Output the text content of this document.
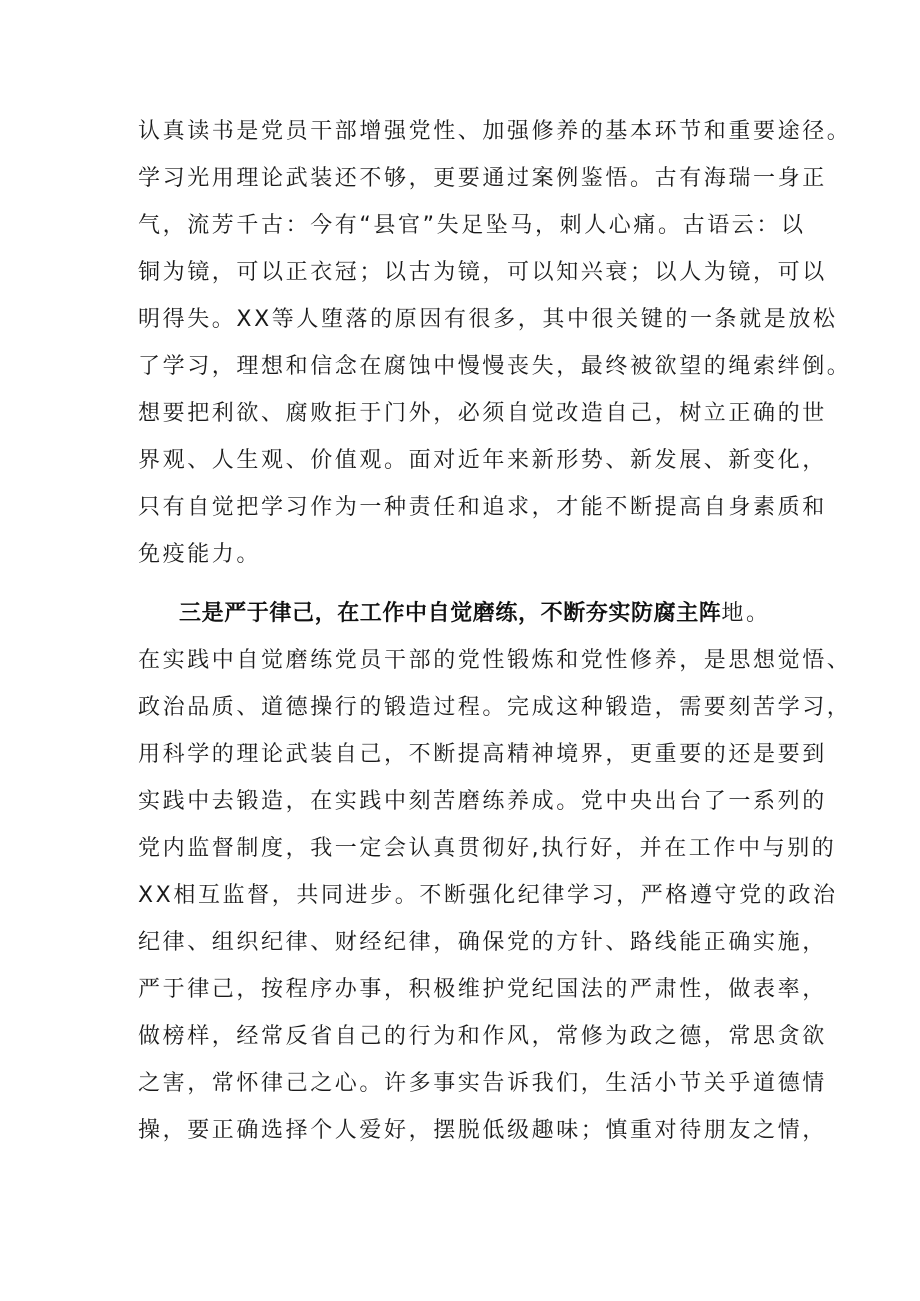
认真读书是党员干部增强党性、加强修养的基本环节和重要途径。
学习光用理论武装还不够，更要通过案例鉴悟。古有海瑞一身正
气，流芳千古：今有“县官”失足坠马，刺人心痛。古语云：以
铜为镜，可以正衣冠；以古为镜，可以知兴衰；以人为镜，可以
明得失。XX等人堕落的原因有很多，其中很关键的一条就是放松
了学习，理想和信念在腐蚀中慢慢丧失，最终被欲望的绳索绊倒。
想要把利欲、腐败拒于门外，必须自觉改造自己，树立正确的世
界观、人生观、价值观。面对近年来新形势、新发展、新变化，
只有自觉把学习作为一种责任和追求，才能不断提高自身素质和
免疫能力。
三是严于律己，在工作中自觉磨练，不断夯实防腐主阵地。
在实践中自觉磨练党员干部的党性锻炼和党性修养，是思想觉悟、
政治品质、道德操行的锻造过程。完成这种锻造，需要刻苦学习，
用科学的理论武装自己，不断提高精神境界，更重要的还是要到
实践中去锻造，在实践中刻苦磨练养成。党中央出台了一系列的
党内监督制度，我一定会认真贯彻好,执行好，并在工作中与别的
XX相互监督，共同进步。不断强化纪律学习，严格遵守党的政治
纪律、组织纪律、财经纪律，确保党的方针、路线能正确实施，
严于律己，按程序办事，积极维护党纪国法的严肃性，做表率，
做榜样，经常反省自己的行为和作风，常修为政之德，常思贪欲
之害，常怀律己之心。许多事实告诉我们，生活小节关乎道德情
操，要正确选择个人爱好，摆脱低级趣味；慎重对待朋友之情，
